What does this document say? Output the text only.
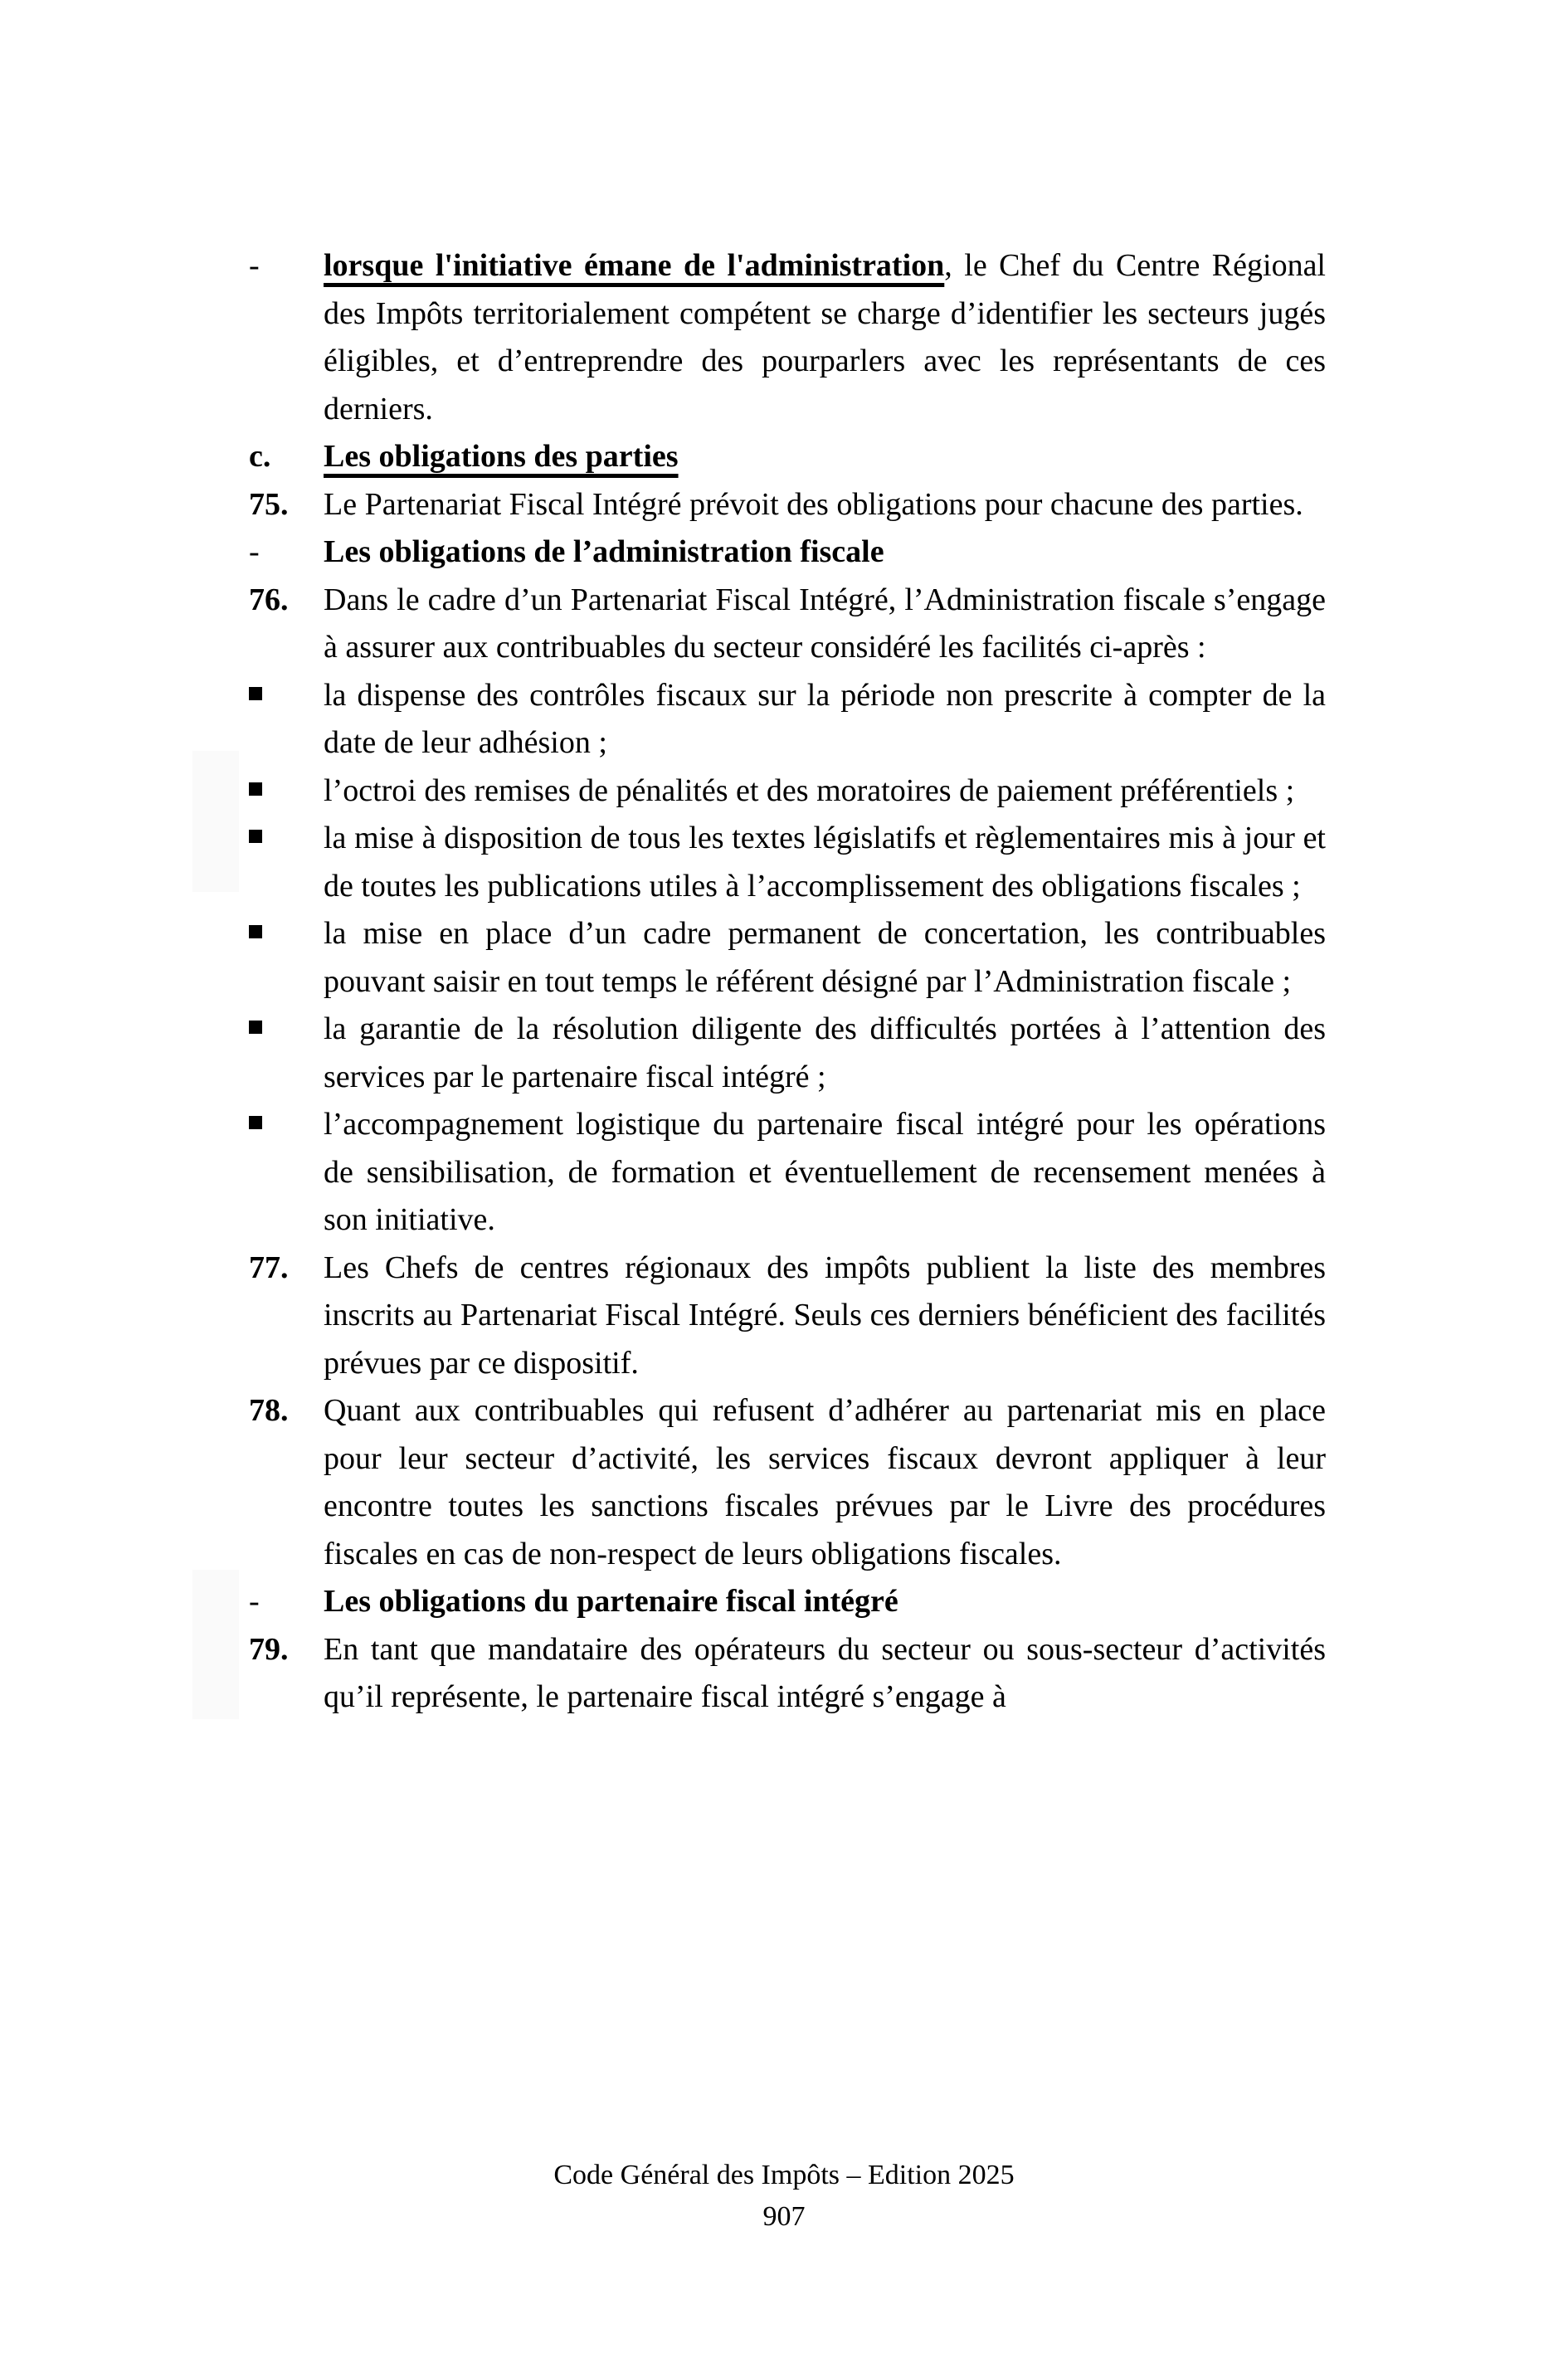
-	lorsque l'initiative émane de l'administration, le Chef du Centre Régional des Impôts territorialement compétent se charge d’identifier les secteurs jugés éligibles, et d’entreprendre des pourparlers avec les représentants de ces derniers.
c.	Les obligations des parties
75.	Le Partenariat Fiscal Intégré prévoit des obligations pour chacune des parties.
-	Les obligations de l’administration fiscale
76.	Dans le cadre d’un Partenariat Fiscal Intégré, l’Administration fiscale s’engage à assurer aux contribuables du secteur considéré les facilités ci-après :
la dispense des contrôles fiscaux sur la période non prescrite à compter de la date de leur adhésion ;
l’octroi des remises de pénalités et des moratoires de paiement préférentiels ;
la mise à disposition de tous les textes législatifs et règlementaires mis à jour et de toutes les publications utiles à l’accomplissement des obligations fiscales ;
la mise en place d’un cadre permanent de concertation, les contribuables pouvant saisir en tout temps le référent désigné par l’Administration fiscale ;
la garantie de la résolution diligente des difficultés portées à l’attention des services par le partenaire fiscal intégré ;
l’accompagnement logistique du partenaire fiscal intégré pour les opérations de sensibilisation, de formation et éventuellement de recensement menées à son initiative.
77.	Les Chefs de centres régionaux des impôts publient la liste des membres inscrits au Partenariat Fiscal Intégré. Seuls ces derniers bénéficient des facilités prévues par ce dispositif.
78.	Quant aux contribuables qui refusent d’adhérer au partenariat mis en place pour leur secteur d’activité, les services fiscaux devront appliquer à leur encontre toutes les sanctions fiscales prévues par le Livre des procédures fiscales en cas de non-respect de leurs obligations fiscales.
-	Les obligations du partenaire fiscal intégré
79.	En tant que mandataire des opérateurs du secteur ou sous-secteur d’activités qu’il représente, le partenaire fiscal intégré s’engage à
Code Général des Impôts – Edition 2025
907
